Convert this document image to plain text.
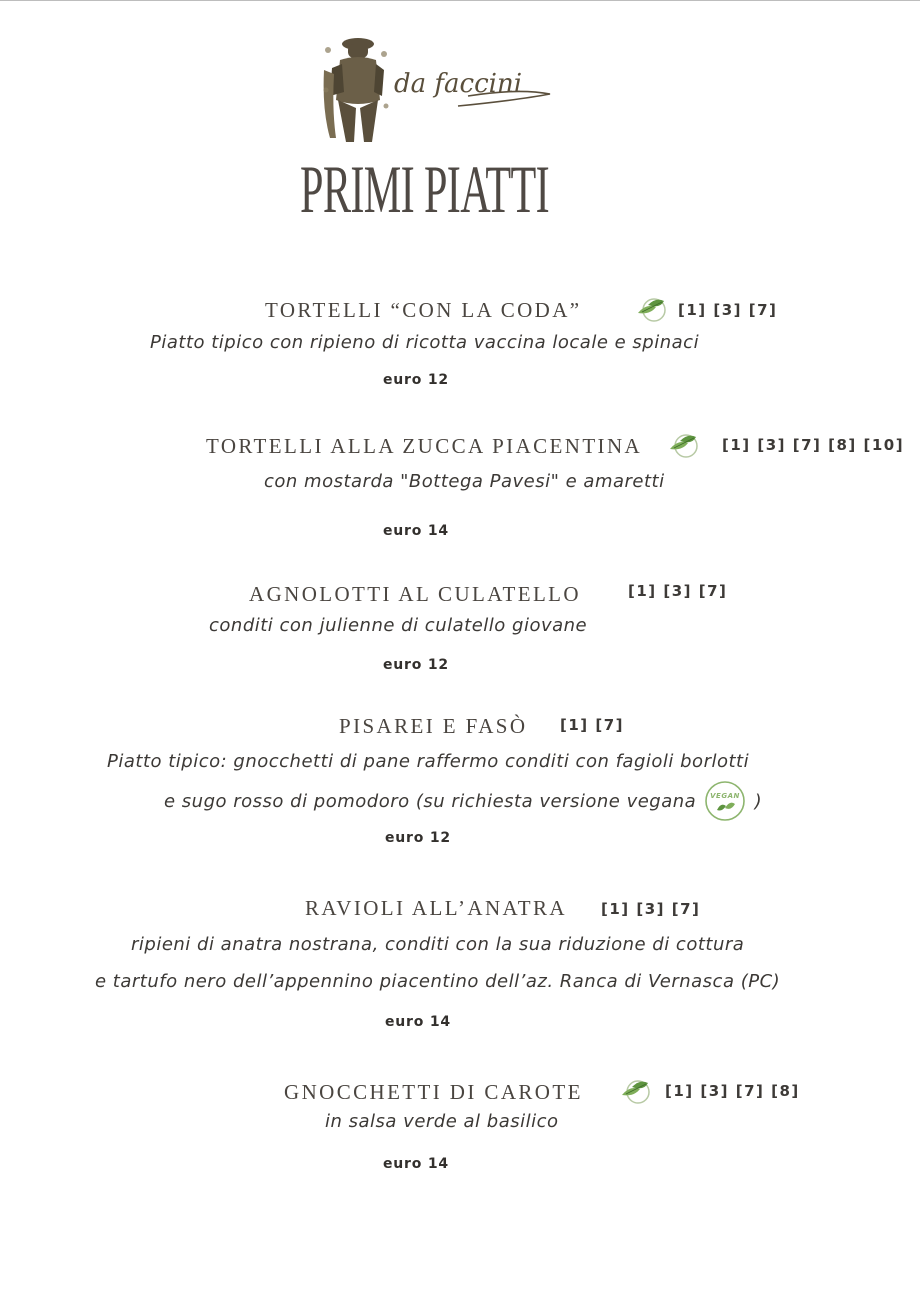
da faccini
PRIMI PIATTI
TORTELLI “CON LA CODA”	[1] [3] [7]
Piatto tipico con ripieno di ricotta vaccina locale e spinaci
euro 12
TORTELLI ALLA ZUCCA PIACENTINA	[1] [3] [7] [8] [10]
con mostarda "Bottega Pavesi" e amaretti
euro 14
AGNOLOTTI AL CULATELLO	[1] [3] [7]
conditi con julienne di culatello giovane
euro 12
PISAREI E FASÒ [1] [7]
Piatto tipico: gnocchetti di pane raffermo conditi con fagioli borlotti
e sugo rosso di pomodoro (su richiesta versione vegana VEGAN )
euro 12
RAVIOLI ALL’ANATRA [1] [3] [7]
ripieni di anatra nostrana, conditi con la sua riduzione di cottura
e tartufo nero dell’appennino piacentino dell’az. Ranca di Vernasca (PC)
euro 14
GNOCCHETTI DI CAROTE	[1] [3] [7] [8]
in salsa verde al basilico
euro 14
